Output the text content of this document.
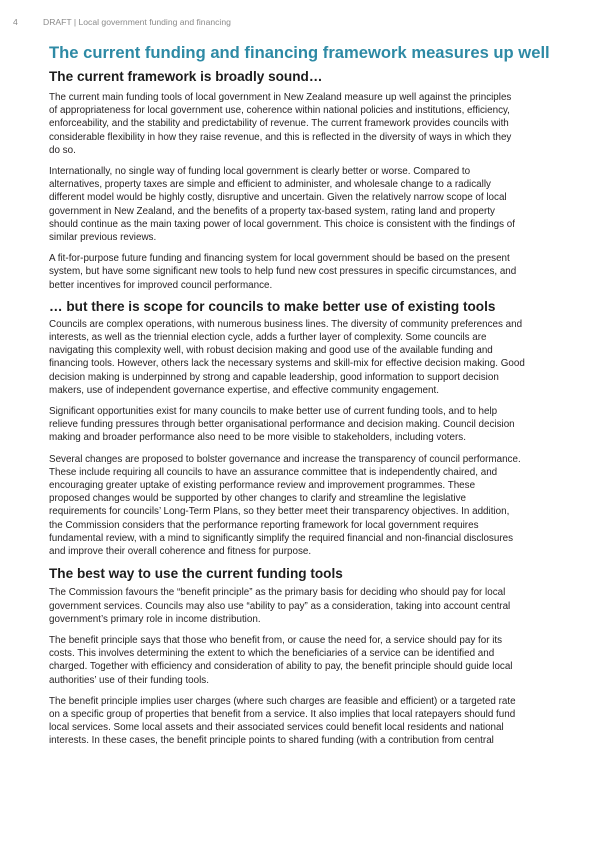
4	DRAFT | Local government funding and financing
The current funding and financing framework measures up well
The current framework is broadly sound…

The current main funding tools of local government in New Zealand measure up well against the principles
of appropriateness for local government use, coherence within national policies and institutions, efficiency,
enforceability, and the stability and predictability of revenue. The current framework provides councils with
considerable flexibility in how they raise revenue, and this is reflected in the diversity of ways in which they
do so.

Internationally, no single way of funding local government is clearly better or worse. Compared to
alternatives, property taxes are simple and efficient to administer, and wholesale change to a radically
different model would be highly costly, disruptive and uncertain. Given the relatively narrow scope of local
government in New Zealand, and the benefits of a property tax-based system, rating land and property
should continue as the main taxing power of local government. This choice is consistent with the findings of
similar previous reviews.

A fit-for-purpose future funding and financing system for local government should be based on the present
system, but have some significant new tools to help fund new cost pressures in specific circumstances, and
better incentives for improved council performance.

… but there is scope for councils to make better use of existing tools

Councils are complex operations, with numerous business lines. The diversity of community preferences and
interests, as well as the triennial election cycle, adds a further layer of complexity. Some councils are
navigating this complexity well, with robust decision making and good use of the available funding and
financing tools. However, others lack the necessary systems and skill-mix for effective decision making. Good
decision making is underpinned by strong and capable leadership, good information to support decision
makers, use of independent governance expertise, and effective community engagement.

Significant opportunities exist for many councils to make better use of current funding tools, and to help
relieve funding pressures through better organisational performance and decision making. Council decision
making and broader performance also need to be more visible to stakeholders, including voters.

Several changes are proposed to bolster governance and increase the transparency of council performance.
These include requiring all councils to have an assurance committee that is independently chaired, and
encouraging greater uptake of existing performance review and improvement programmes. These
proposed changes would be supported by other changes to clarify and streamline the legislative
requirements for councils’ Long-Term Plans, so they better meet their transparency objectives. In addition,
the Commission considers that the performance reporting framework for local government requires
fundamental review, with a mind to significantly simplify the required financial and non-financial disclosures
and improve their overall coherence and fitness for purpose.

The best way to use the current funding tools

The Commission favours the “benefit principle” as the primary basis for deciding who should pay for local
government services. Councils may also use “ability to pay” as a consideration, taking into account central
government’s primary role in income distribution.

The benefit principle says that those who benefit from, or cause the need for, a service should pay for its
costs. This involves determining the extent to which the beneficiaries of a service can be identified and
charged. Together with efficiency and consideration of ability to pay, the benefit principle should guide local
authorities’ use of their funding tools.

The benefit principle implies user charges (where such charges are feasible and efficient) or a targeted rate
on a specific group of properties that benefit from a service. It also implies that local ratepayers should fund
local services. Some local assets and their associated services could benefit local residents and national
interests. In these cases, the benefit principle points to shared funding (with a contribution from central
